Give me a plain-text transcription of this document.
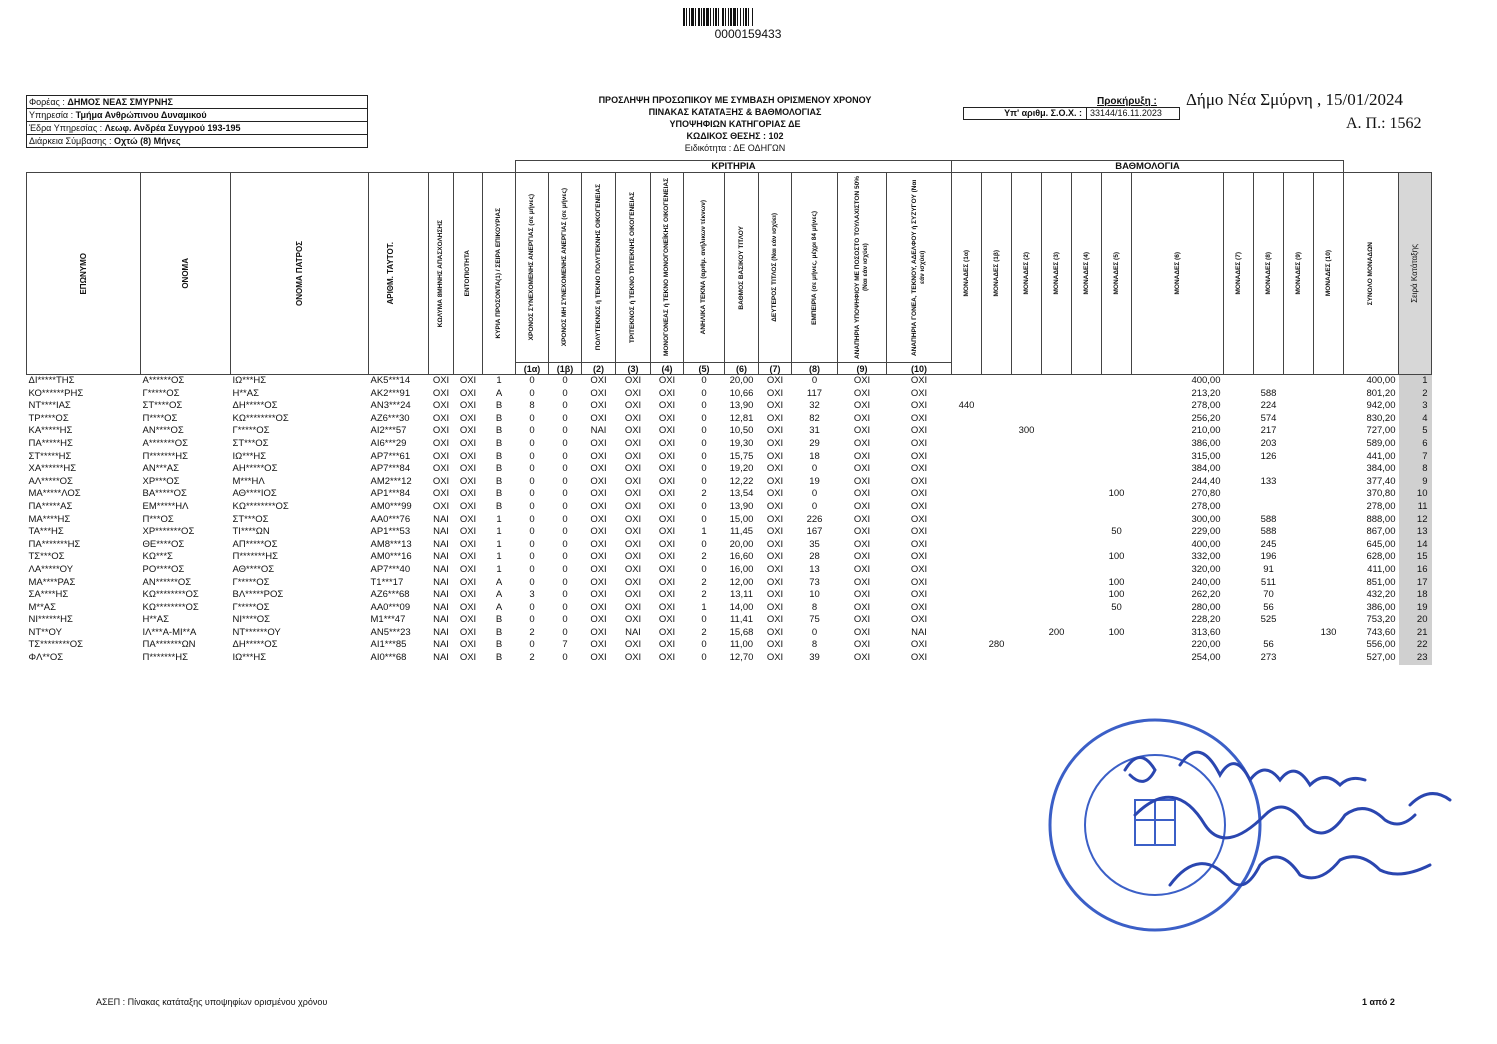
0000159433
Φορέας : ΔΗΜΟΣ ΝΕΑΣ ΣΜΥΡΝΗΣ
Υπηρεσία : Τμήμα Ανθρώπινου Δυναμικού
Έδρα Υπηρεσίας : Λεωφ. Ανδρέα Συγγρού 193-195
Διάρκεια Σύμβασης : Οχτώ (8) Μήνες
ΠΡΟΣΛΗΨΗ ΠΡΟΣΩΠΙΚΟΥ ΜΕ ΣΥΜΒΑΣΗ ΟΡΙΣΜΕΝΟΥ ΧΡΟΝΟΥ
ΠΙΝΑΚΑΣ ΚΑΤΑΤΑΞΗΣ & ΒΑΘΜΟΛΟΓΙΑΣ
ΥΠΟΨΗΦΙΩΝ ΚΑΤΗΓΟΡΙΑΣ ΔΕ
ΚΩΔΙΚΟΣ ΘΕΣΗΣ : 102
Ειδικότητα : ΔΕ ΟΔΗΓΩΝ
Προκήρυξη :
Υπ' αριθμ. Σ.Ο.Χ. : 33144/16.11.2023
Δήμο Νέα Σμύρνη , 15/01/2024
Α. Π.: 1562
							ΚΡΙΤΗΡΙΑ											ΒΑΘΜΟΛΟΓΙΑ												

ΕΠΩΝΥΜΟ	ΟΝΟΜΑ	ΟΝΟΜΑ ΠΑΤΡΟΣ	ΑΡΙΘΜ. ΤΑΥΤΟΤ.	ΚΩΛΥΜΑ 8ΜΗΝΗΣ ΑΠΑΣΧΟΛΗΣΗΣ	ΕΝΤΟΠΙΟΤΗΤΑ	ΚΥΡΙΑ ΠΡΟΣΟΝΤΑ(1) / ΣΕΙΡΑ ΕΠΙΚΟΥΡΙΑΣ	ΧΡΟΝΟΣ ΣΥΝΕΧΟΜΕΝΗΣ ΑΝΕΡΓΙΑΣ (σε μήνες)	ΧΡΟΝΟΣ ΜΗ ΣΥΝΕΧΟΜΕΝΗΣ ΑΝΕΡΓΙΑΣ (σε μήνες)	ΠΟΛΥΤΕΚΝΟΣ ή ΤΕΚΝΟ ΠΟΛΥΤΕΚΝΗΣ ΟΙΚΟΓΕΝΕΙΑΣ	ΤΡΙΤΕΚΝΟΣ ή ΤΕΚΝΟ ΤΡΙΤΕΚΝΗΣ ΟΙΚΟΓΕΝΕΙΑΣ	ΜΟΝΟΓΟΝΕΑΣ ή ΤΕΚΝΟ ΜΟΝΟΓΟΝΕΪΚΗΣ ΟΙΚΟΓΕΝΕΙΑΣ	ΑΝΗΛΙΚΑ ΤΕΚΝΑ (αριθμ. ανήλικων τέκνων)	ΒΑΘΜΟΣ ΒΑΣΙΚΟΥ ΤΙΤΛΟΥ	ΔΕΥΤΕΡΟΣ ΤΙΤΛΟΣ (Ναι εάν ισχύει)	ΕΜΠΕΙΡΙΑ (σε μήνες, μέχρι 84 μήνες)	ΑΝΑΠΗΡΙΑ ΥΠΟΨΗΦΙΟΥ ΜΕ ΠΟΣΟΣΤΟ ΤΟΥΛΑΧΙΣΤΟΝ 50% (Ναι εάν ισχύει)	ΑΝΑΠΗΡΙΑ ΓΟΝΕΑ, ΤΕΚΝΟΥ, ΑΔΕΛΦΟΥ ή ΣΥΖΥΓΟΥ (Ναι εάν ισχύει)	ΜΟΝΑΔΕΣ (1α)	ΜΟΝΑΔΕΣ (1β)	ΜΟΝΑΔΕΣ (2)	ΜΟΝΑΔΕΣ (3)	ΜΟΝΑΔΕΣ (4)	ΜΟΝΑΔΕΣ (5)	ΜΟΝΑΔΕΣ (6)	ΜΟΝΑΔΕΣ (7)	ΜΟΝΑΔΕΣ (8)	ΜΟΝΑΔΕΣ (9)	ΜΟΝΑΔΕΣ (10)	ΣΥΝΟΛΟ ΜΟΝΑΔΩΝ	Σειρά Κατάταξης

							(1α)	(1β)	(2)	(3)	(4)	(5)	(6)	(7)	(8)	(9)	(10)													
ΔΙ*****ΤΗΣ	Α******ΟΣ	ΙΩ***ΗΣ	ΑΚ5***14	ΟΧΙ	ΟΧΙ	1	0	0	ΟΧΙ	ΟΧΙ	ΟΧΙ	0	20,00	ΟΧΙ	0	ΟΧΙ	ΟΧΙ							400,00					400,00	1
ΚΟ******ΡΗΣ	Γ*****ΟΣ	Η**ΑΣ	ΑΚ2***91	ΟΧΙ	ΟΧΙ	Α	0	0	ΟΧΙ	ΟΧΙ	ΟΧΙ	0	10,66	ΟΧΙ	117	ΟΧΙ	ΟΧΙ							213,20		588			801,20	2
ΝΤ****ΙΑΣ	ΣΤ****ΟΣ	ΔΗ*****ΟΣ	ΑΝ3***24	ΟΧΙ	ΟΧΙ	Β	8	0	ΟΧΙ	ΟΧΙ	ΟΧΙ	0	13,90	ΟΧΙ	32	ΟΧΙ	ΟΧΙ	440						278,00		224			942,00	3
ΤΡ****ΟΣ	Π****ΟΣ	ΚΩ********ΟΣ	ΑΖ6***30	ΟΧΙ	ΟΧΙ	Β	0	0	ΟΧΙ	ΟΧΙ	ΟΧΙ	0	12,81	ΟΧΙ	82	ΟΧΙ	ΟΧΙ							256,20		574			830,20	4
ΚΑ*****ΗΣ	ΑΝ****ΟΣ	Γ*****ΟΣ	ΑΙ2***57	ΟΧΙ	ΟΧΙ	Β	0	0	ΝΑΙ	ΟΧΙ	ΟΧΙ	0	10,50	ΟΧΙ	31	ΟΧΙ	ΟΧΙ			300				210,00		217			727,00	5
ΠΑ*****ΗΣ	Α*******ΟΣ	ΣΤ***ΟΣ	ΑΙ6***29	ΟΧΙ	ΟΧΙ	Β	0	0	ΟΧΙ	ΟΧΙ	ΟΧΙ	0	19,30	ΟΧΙ	29	ΟΧΙ	ΟΧΙ							386,00		203			589,00	6
ΣΤ*****ΗΣ	Π*******ΗΣ	ΙΩ***ΗΣ	ΑΡ7***61	ΟΧΙ	ΟΧΙ	Β	0	0	ΟΧΙ	ΟΧΙ	ΟΧΙ	0	15,75	ΟΧΙ	18	ΟΧΙ	ΟΧΙ							315,00		126			441,00	7
ΧΑ******ΗΣ	ΑΝ***ΑΣ	ΑΗ*****ΟΣ	ΑΡ7***84	ΟΧΙ	ΟΧΙ	Β	0	0	ΟΧΙ	ΟΧΙ	ΟΧΙ	0	19,20	ΟΧΙ	0	ΟΧΙ	ΟΧΙ							384,00					384,00	8
ΑΛ*****ΟΣ	ΧΡ***ΟΣ	Μ***ΗΛ	ΑΜ2***12	ΟΧΙ	ΟΧΙ	Β	0	0	ΟΧΙ	ΟΧΙ	ΟΧΙ	0	12,22	ΟΧΙ	19	ΟΧΙ	ΟΧΙ							244,40		133			377,40	9
ΜΑ*****ΛΟΣ	ΒΑ*****ΟΣ	ΑΘ****ΙΟΣ	ΑΡ1***84	ΟΧΙ	ΟΧΙ	Β	0	0	ΟΧΙ	ΟΧΙ	ΟΧΙ	2	13,54	ΟΧΙ	0	ΟΧΙ	ΟΧΙ						100	270,80					370,80	10
ΠΑ*****ΑΣ	ΕΜ*****ΗΛ	ΚΩ********ΟΣ	ΑΜ0***99	ΟΧΙ	ΟΧΙ	Β	0	0	ΟΧΙ	ΟΧΙ	ΟΧΙ	0	13,90	ΟΧΙ	0	ΟΧΙ	ΟΧΙ							278,00					278,00	11
ΜΑ****ΗΣ	Π***ΟΣ	ΣΤ***ΟΣ	ΑΑ0***76	ΝΑΙ	ΟΧΙ	1	0	0	ΟΧΙ	ΟΧΙ	ΟΧΙ	0	15,00	ΟΧΙ	226	ΟΧΙ	ΟΧΙ							300,00		588			888,00	12
ΤΑ***ΗΣ	ΧΡ*******ΟΣ	ΤΙ****ΩΝ	ΑΡ1***53	ΝΑΙ	ΟΧΙ	1	0	0	ΟΧΙ	ΟΧΙ	ΟΧΙ	1	11,45	ΟΧΙ	167	ΟΧΙ	ΟΧΙ						50	229,00		588			867,00	13
ΠΑ*******ΗΣ	ΘΕ****ΟΣ	ΑΠ*****ΟΣ	ΑΜ8***13	ΝΑΙ	ΟΧΙ	1	0	0	ΟΧΙ	ΟΧΙ	ΟΧΙ	0	20,00	ΟΧΙ	35	ΟΧΙ	ΟΧΙ							400,00		245			645,00	14
ΤΣ***ΟΣ	ΚΩ***Σ	Π*******ΗΣ	ΑΜ0***16	ΝΑΙ	ΟΧΙ	1	0	0	ΟΧΙ	ΟΧΙ	ΟΧΙ	2	16,60	ΟΧΙ	28	ΟΧΙ	ΟΧΙ						100	332,00		196			628,00	15
ΛΑ*****ΟΥ	ΡΟ****ΟΣ	ΑΘ****ΟΣ	ΑΡ7***40	ΝΑΙ	ΟΧΙ	1	0	0	ΟΧΙ	ΟΧΙ	ΟΧΙ	0	16,00	ΟΧΙ	13	ΟΧΙ	ΟΧΙ							320,00		91			411,00	16
ΜΑ****ΡΑΣ	ΑΝ******ΟΣ	Γ*****ΟΣ	Τ1***17	ΝΑΙ	ΟΧΙ	Α	0	0	ΟΧΙ	ΟΧΙ	ΟΧΙ	2	12,00	ΟΧΙ	73	ΟΧΙ	ΟΧΙ						100	240,00		511			851,00	17
ΣΑ****ΗΣ	ΚΩ********ΟΣ	ΒΛ*****ΡΟΣ	ΑΖ6***68	ΝΑΙ	ΟΧΙ	Α	3	0	ΟΧΙ	ΟΧΙ	ΟΧΙ	2	13,11	ΟΧΙ	10	ΟΧΙ	ΟΧΙ						100	262,20		70			432,20	18
Μ**ΑΣ	ΚΩ********ΟΣ	Γ*****ΟΣ	ΑΑ0***09	ΝΑΙ	ΟΧΙ	Α	0	0	ΟΧΙ	ΟΧΙ	ΟΧΙ	1	14,00	ΟΧΙ	8	ΟΧΙ	ΟΧΙ						50	280,00		56			386,00	19
ΝΙ******ΗΣ	Η**ΑΣ	ΝΙ****ΟΣ	Μ1***47	ΝΑΙ	ΟΧΙ	Β	0	0	ΟΧΙ	ΟΧΙ	ΟΧΙ	0	11,41	ΟΧΙ	75	ΟΧΙ	ΟΧΙ							228,20		525			753,20	20
ΝΤ**ΟΥ	ΙΛ***Α-ΜΙ**Α	ΝΤ******ΟΥ	ΑΝ5***23	ΝΑΙ	ΟΧΙ	Β	2	0	ΟΧΙ	ΝΑΙ	ΟΧΙ	2	15,68	ΟΧΙ	0	ΟΧΙ	ΝΑΙ				200		100	313,60				130	743,60	21
ΤΣ********ΟΣ	ΠΑ*******ΩΝ	ΔΗ*****ΟΣ	ΑΙ1***85	ΝΑΙ	ΟΧΙ	Β	0	7	ΟΧΙ	ΟΧΙ	ΟΧΙ	0	11,00	ΟΧΙ	8	ΟΧΙ	ΟΧΙ		280					220,00		56			556,00	22
ΦΛ**ΟΣ	Π*******ΗΣ	ΙΩ***ΗΣ	ΑΙ0***68	ΝΑΙ	ΟΧΙ	Β	2	0	ΟΧΙ	ΟΧΙ	ΟΧΙ	0	12,70	ΟΧΙ	39	ΟΧΙ	ΟΧΙ							254,00		273			527,00	23
ΑΣΕΠ : Πίνακας κατάταξης υποψηφίων ορισμένου χρόνου	1 από 2
